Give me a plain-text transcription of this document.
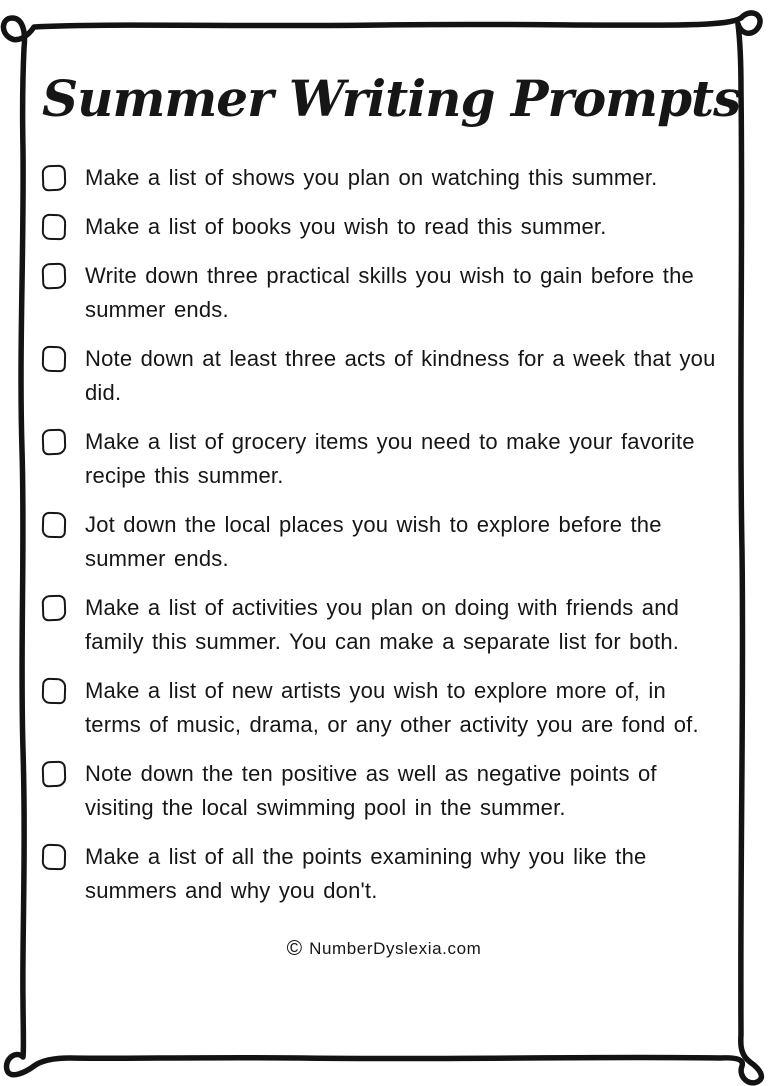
Summer Writing Prompts
Make a list of shows you plan on watching this summer.
Make a list of books you wish to read this summer.
Write down three practical skills you wish to gain before the summer ends.
Note down at least three acts of kindness for a week that you did.
Make a list of grocery items you need to make your favorite recipe this summer.
Jot down the local places you wish to explore before the summer ends.
Make a list of activities you plan on doing with friends and family this summer. You can make a separate list for both.
Make a list of new artists you wish to explore more of, in terms of music, drama, or any other activity you are fond of.
Note down the ten positive as well as negative points of visiting the local swimming pool in the summer.
Make a list of all the points examining why you like the summers and why you don't.
© NumberDyslexia.com
